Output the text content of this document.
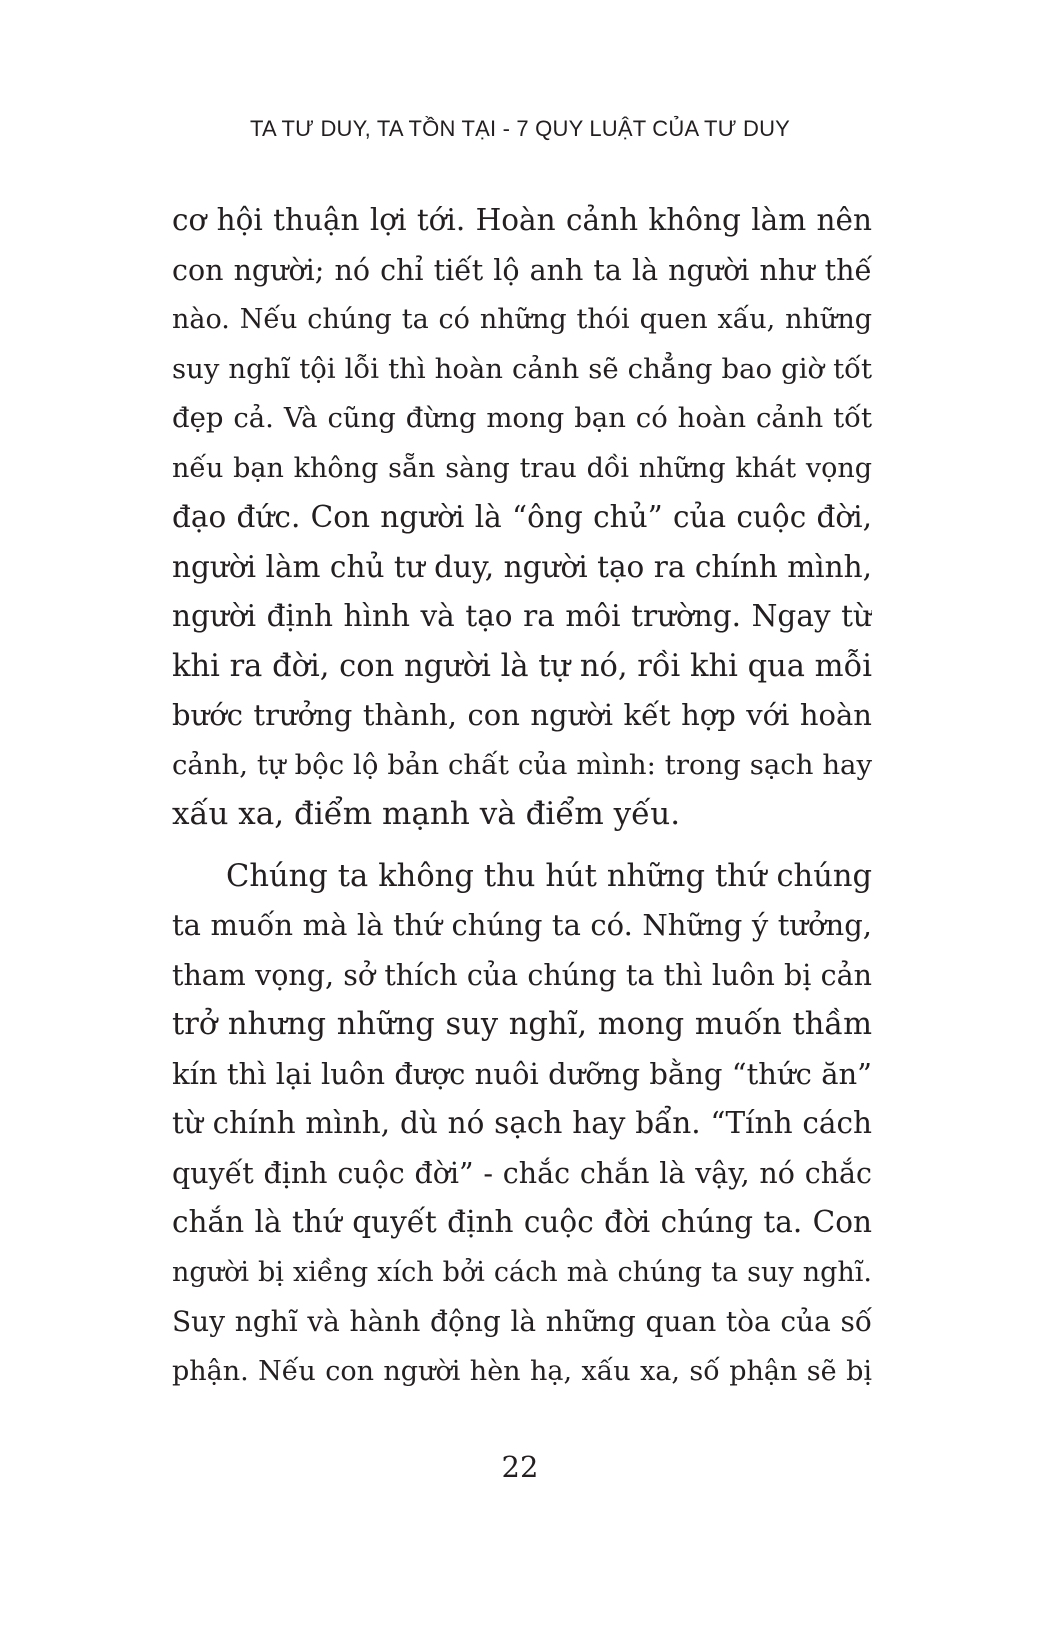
TA TƯ DUY, TA TỒN TẠI - 7 QUY LUẬT CỦA TƯ DUY

cơ hội thuận lợi tới. Hoàn cảnh không làm nên
con người; nó chỉ tiết lộ anh ta là người như thế
nào. Nếu chúng ta có những thói quen xấu, những
suy nghĩ tội lỗi thì hoàn cảnh sẽ chẳng bao giờ tốt
đẹp cả. Và cũng đừng mong bạn có hoàn cảnh tốt
nếu bạn không sẵn sàng trau dồi những khát vọng
đạo đức. Con người là “ông chủ” của cuộc đời,
người làm chủ tư duy, người tạo ra chính mình,
người định hình và tạo ra môi trường. Ngay từ
khi ra đời, con người là tự nó, rồi khi qua mỗi
bước trưởng thành, con người kết hợp với hoàn
cảnh, tự bộc lộ bản chất của mình: trong sạch hay
xấu xa, điểm mạnh và điểm yếu.

Chúng ta không thu hút những thứ chúng
ta muốn mà là thứ chúng ta có. Những ý tưởng,
tham vọng, sở thích của chúng ta thì luôn bị cản
trở nhưng những suy nghĩ, mong muốn thầm
kín thì lại luôn được nuôi dưỡng bằng “thức ăn”
từ chính mình, dù nó sạch hay bẩn. “Tính cách
quyết định cuộc đời” - chắc chắn là vậy, nó chắc
chắn là thứ quyết định cuộc đời chúng ta. Con
người bị xiềng xích bởi cách mà chúng ta suy nghĩ.
Suy nghĩ và hành động là những quan tòa của số
phận. Nếu con người hèn hạ, xấu xa, số phận sẽ bị

22
